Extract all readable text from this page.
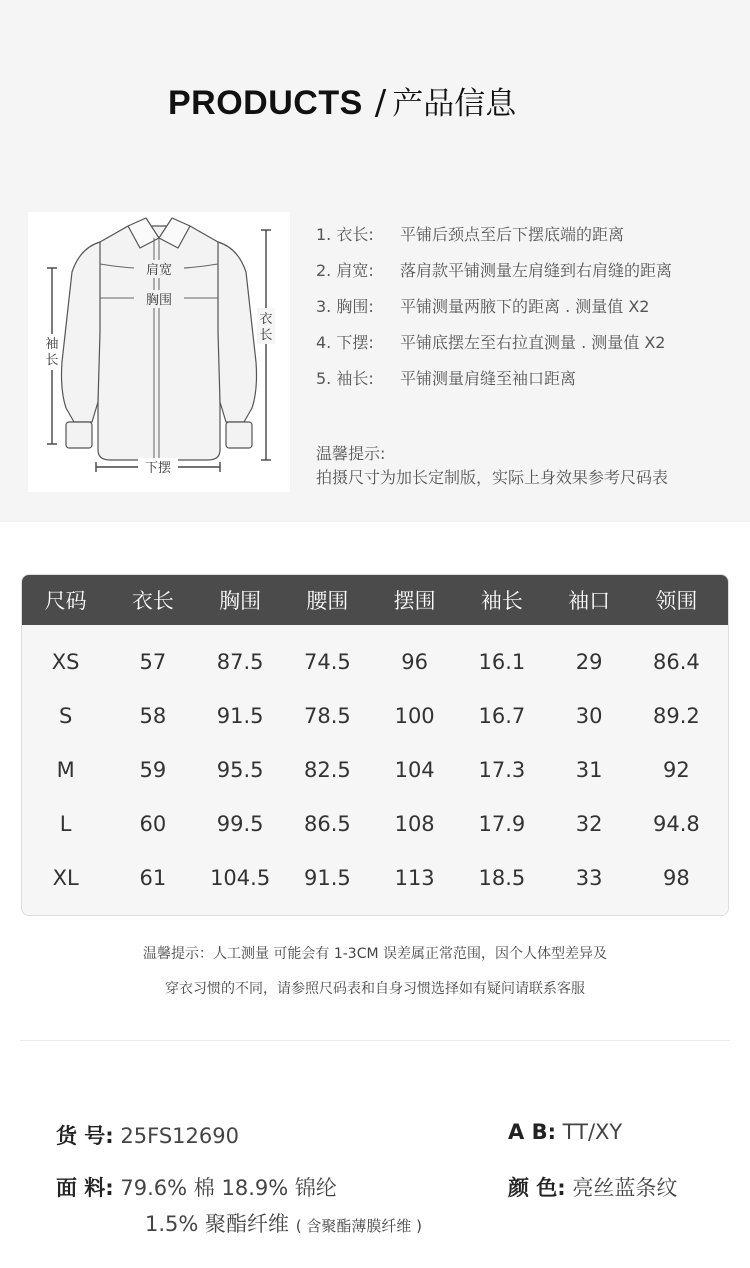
PRODUCTS / 产品信息
肩宽
胸围
衣长
袖长
下摆
1. 衣长:	平铺后颈点至后下摆底端的距离
2. 肩宽:	落肩款平铺测量左肩缝到右肩缝的距离
3. 胸围:	平铺测量两腋下的距离 . 测量值 X2
4. 下摆:	平铺底摆左至右拉直测量 . 测量值 X2
5. 袖长:	平铺测量肩缝至袖口距离
温馨提示:
拍摄尺寸为加长定制版，实际上身效果参考尺码表
尺码	衣长	胸围	腰围	摆围	袖长	袖口	领围
XS	57	87.5	74.5	96	16.1	29	86.4
S	58	91.5	78.5	100	16.7	30	89.2
M	59	95.5	82.5	104	17.3	31	92
L	60	99.5	86.5	108	17.9	32	94.8
XL	61	104.5	91.5	113	18.5	33	98
温馨提示：人工测量 可能会有 1-3CM 误差属正常范围，因个人体型差异及
穿衣习惯的不同，请参照尺码表和自身习惯选择如有疑问请联系客服
货 号: 25FS12690	A B: TT/XY
面 料: 79.6% 棉 18.9% 锦纶
1.5% 聚酯纤维 ( 含聚酯薄膜纤维 )
颜 色: 亮丝蓝条纹
